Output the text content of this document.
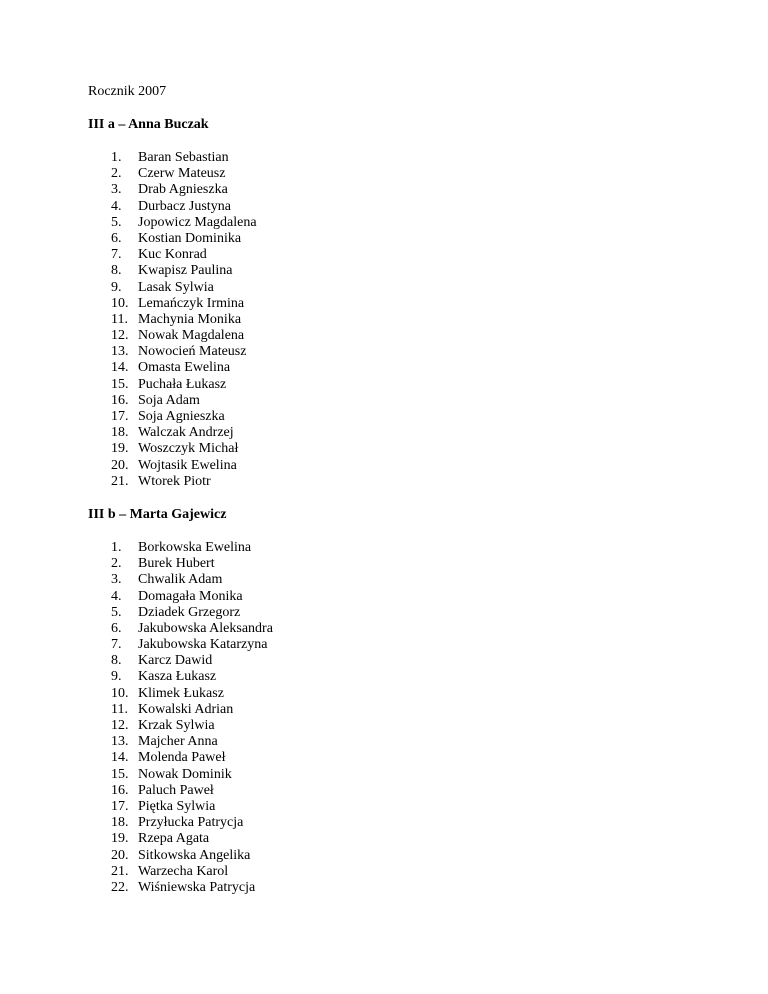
Rocznik 2007

III a – Anna Buczak

1.	Baran Sebastian
2.	Czerw Mateusz
3.	Drab Agnieszka
4.	Durbacz Justyna
5.	Jopowicz Magdalena
6.	Kostian Dominika
7.	Kuc Konrad
8.	Kwapisz Paulina
9.	Lasak Sylwia
10. Lemańczyk Irmina
11. Machynia Monika
12. Nowak Magdalena
13. Nowocień Mateusz
14. Omasta Ewelina
15. Puchała Łukasz
16. Soja Adam
17. Soja Agnieszka
18. Walczak Andrzej
19. Woszczyk Michał
20. Wojtasik Ewelina
21. Wtorek Piotr

III b – Marta Gajewicz

1.	Borkowska Ewelina
2.	Burek Hubert
3.	Chwalik Adam
4.	Domagała Monika
5.	Dziadek Grzegorz
6.	Jakubowska Aleksandra
7.	Jakubowska Katarzyna
8.	Karcz Dawid
9.	Kasza Łukasz
10. Klimek Łukasz
11. Kowalski Adrian
12. Krzak Sylwia
13. Majcher Anna
14. Molenda Paweł
15. Nowak Dominik
16. Paluch Paweł
17. Piętka Sylwia
18. Przyłucka Patrycja
19. Rzepa Agata
20. Sitkowska Angelika
21. Warzecha Karol
22. Wiśniewska Patrycja
